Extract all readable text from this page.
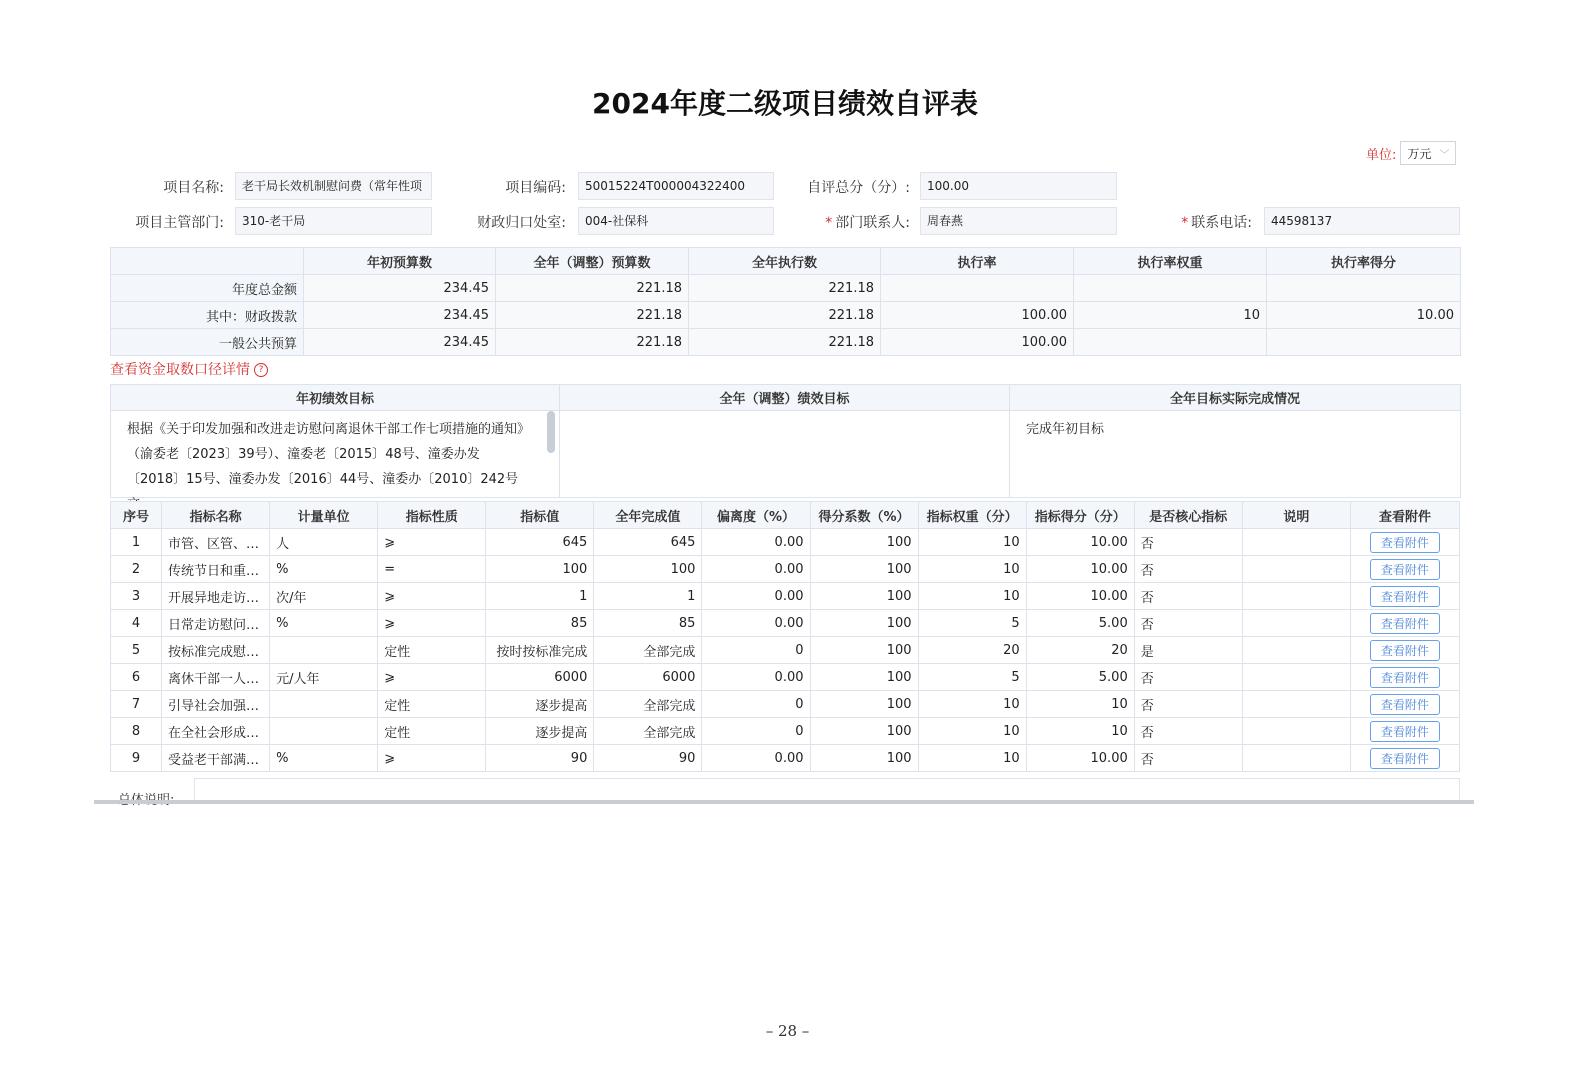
2024年度二级项目绩效自评表
单位: 万元 ﹀
项目名称:	老干局长效机制慰问费（常年性项	项目编码:	50015224T000004322400	自评总分（分）:	100.00
项目主管部门:	310-老干局	财政归口处室:	004-社保科	* 部门联系人:	周春燕	* 联系电话:	44598137
	年初预算数	全年（调整）预算数	全年执行数	执行率	执行率权重	执行率得分
年度总金额	234.45	221.18	221.18			
其中：财政拨款	234.45	221.18	221.18	100.00	10	10.00
一般公共预算	234.45	221.18	221.18	100.00		
查看资金取数口径详情 ?
年初绩效目标	全年（调整）绩效目标	全年目标实际完成情况

根据《关于印发加强和改进走访慰问离退休干部工作七项措施的通知》（渝委老〔2023〕39号）、潼委老〔2015〕48号、潼委办发〔2018〕15号、潼委办发〔2016〕44号、潼委办〔2010〕242号		完成年初目标
序号	指标名称	计量单位	指标性质	指标值	全年完成值	偏离度（%）	得分系数（%）	指标权重（分）	指标得分（分）	是否核心指标	说明	查看附件
1	市管、区管、…	人	⩾	645	645	0.00	100	10	10.00	否		查看附件
2	传统节日和重…	%	=	100	100	0.00	100	10	10.00	否		查看附件
3	开展异地走访…	次/年	⩾	1	1	0.00	100	10	10.00	否		查看附件
4	日常走访慰问…	%	⩾	85	85	0.00	100	5	5.00	否		查看附件
5	按标准完成慰…		定性	按时按标准完成	全部完成	0	100	20	20	是		查看附件
6	离休干部一人…	元/人年	⩾	6000	6000	0.00	100	5	5.00	否		查看附件
7	引导社会加强…		定性	逐步提高	全部完成	0	100	10	10	否		查看附件
8	在全社会形成…		定性	逐步提高	全部完成	0	100	10	10	否		查看附件
9	受益老干部满…	%	⩾	90	90	0.00	100	10	10.00	否		查看附件
– 28 –
